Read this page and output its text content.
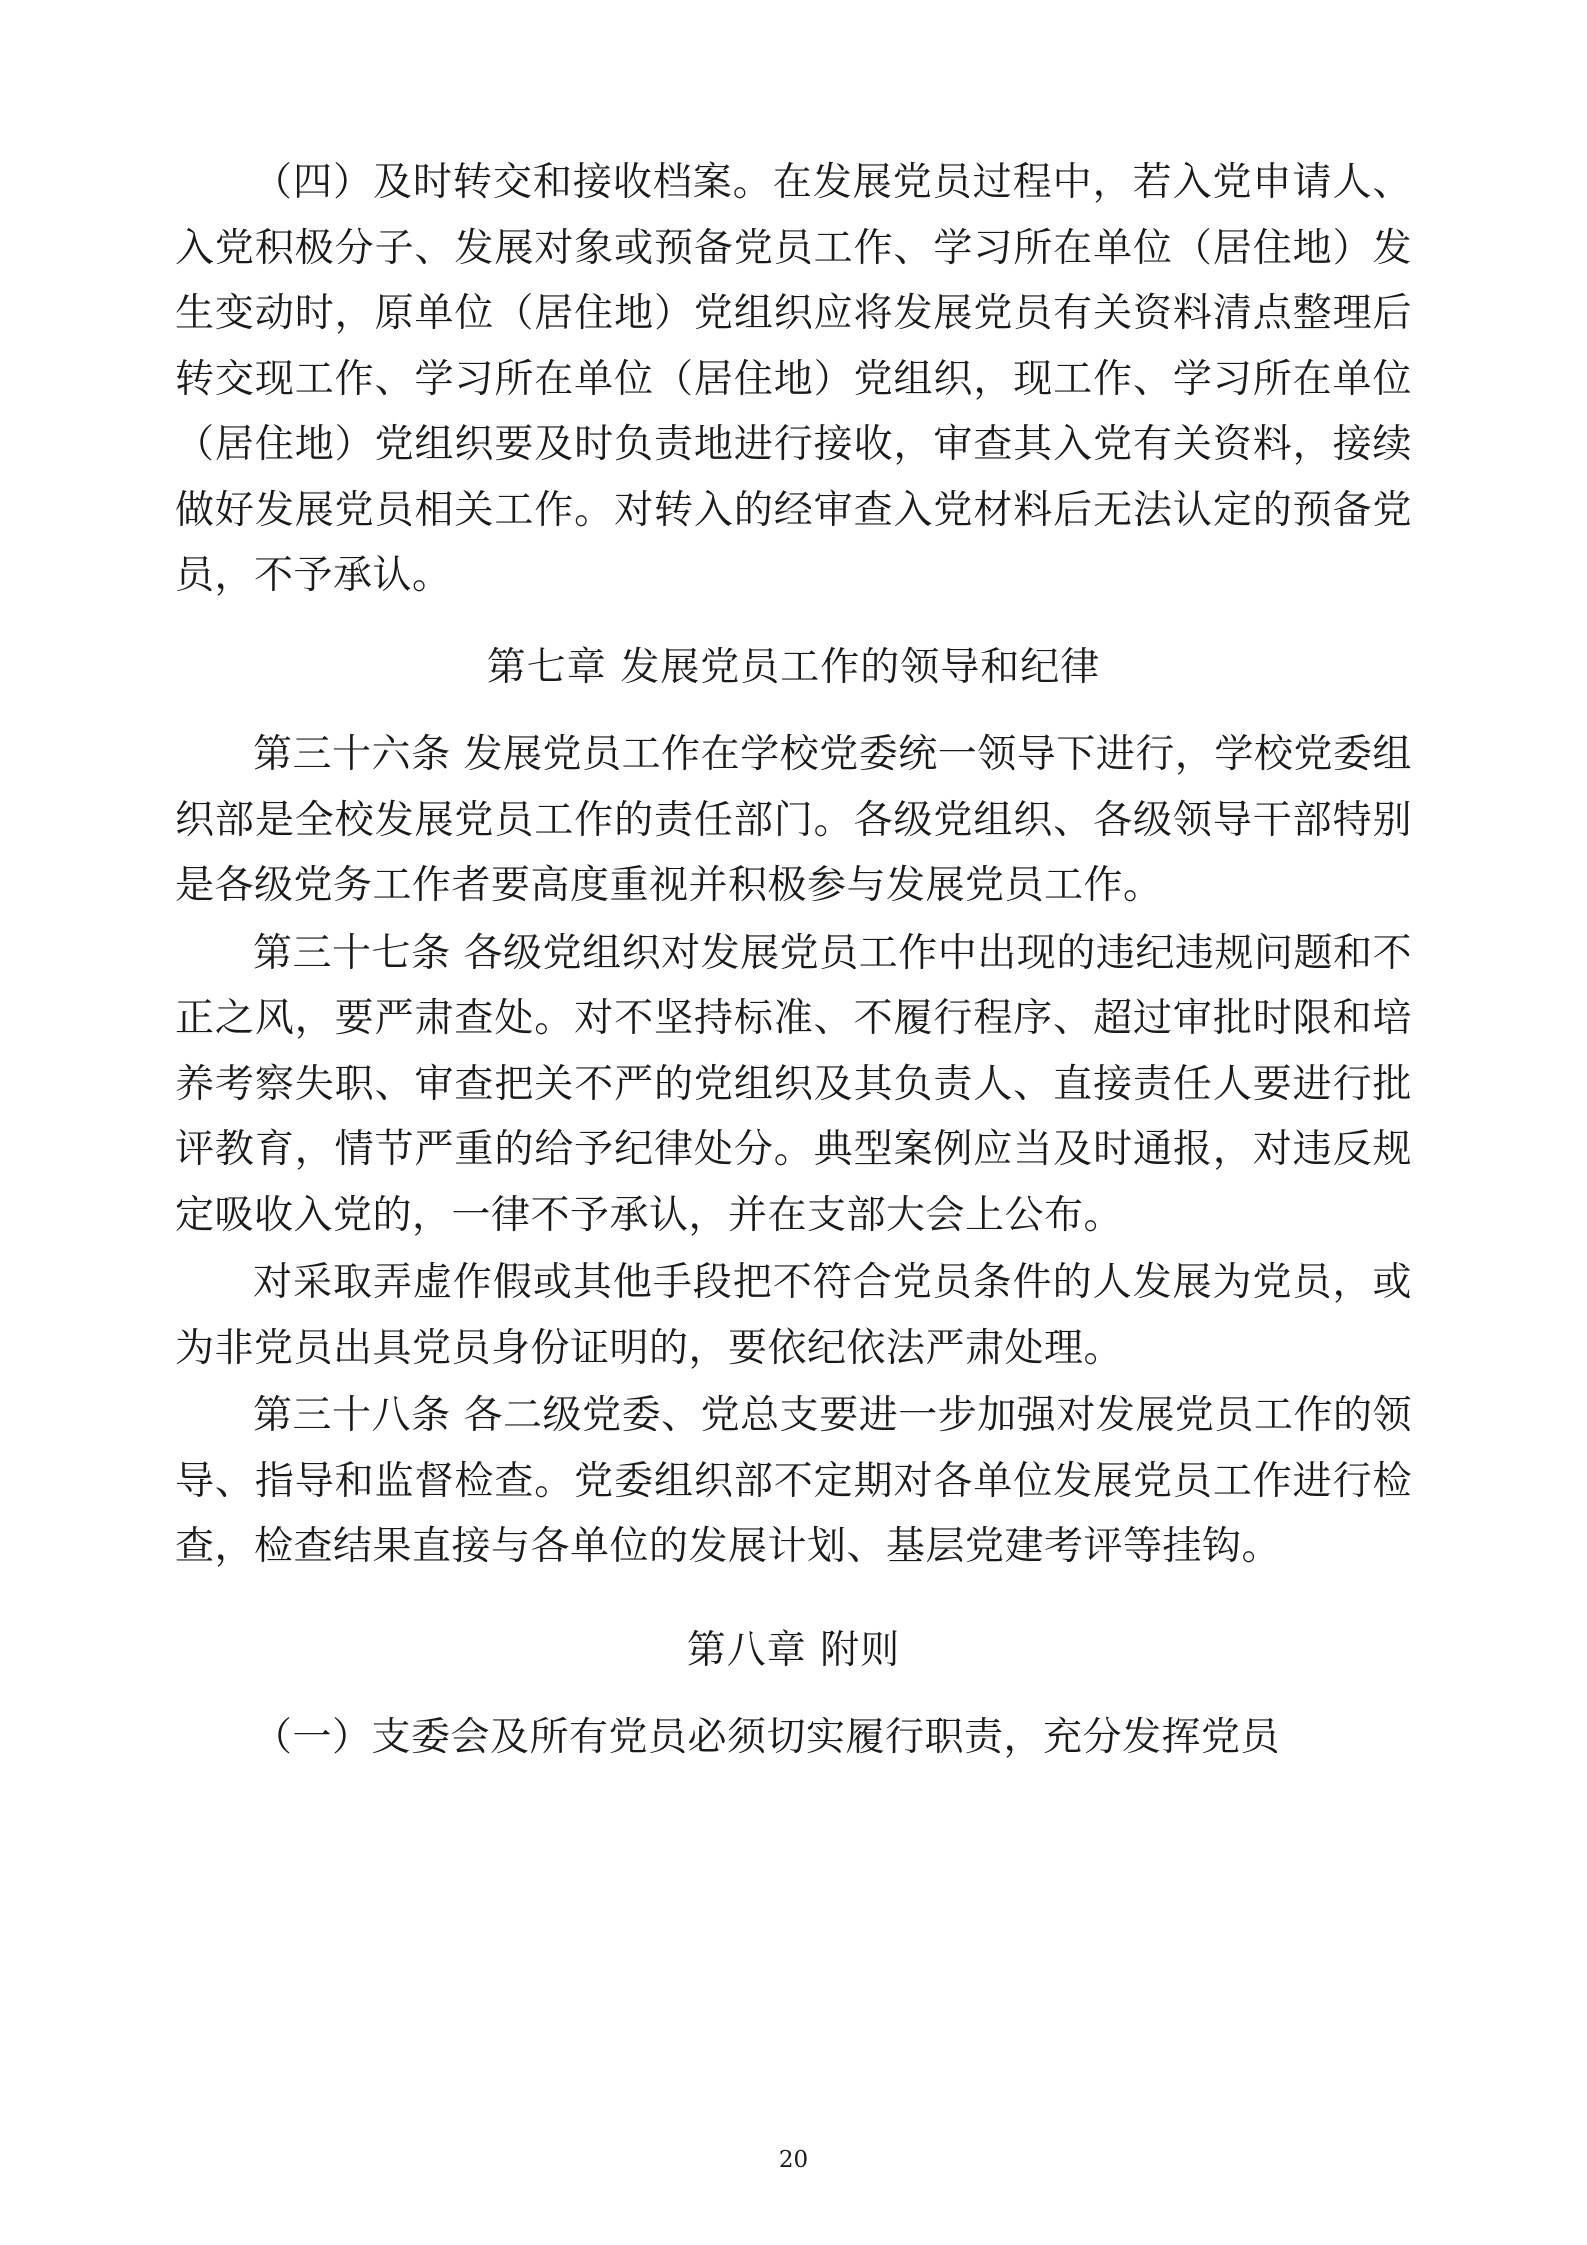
（四）及时转交和接收档案。在发展党员过程中，若入党申请人、入党积极分子、发展对象或预备党员工作、学习所在单位（居住地）发生变动时，原单位（居住地）党组织应将发展党员有关资料清点整理后转交现工作、学习所在单位（居住地）党组织，现工作、学习所在单位（居住地）党组织要及时负责地进行接收，审查其入党有关资料，接续做好发展党员相关工作。对转入的经审查入党材料后无法认定的预备党员，不予承认。

第七章 发展党员工作的领导和纪律

第三十六条 发展党员工作在学校党委统一领导下进行，学校党委组织部是全校发展党员工作的责任部门。各级党组织、各级领导干部特别是各级党务工作者要高度重视并积极参与发展党员工作。

第三十七条 各级党组织对发展党员工作中出现的违纪违规问题和不正之风，要严肃查处。对不坚持标准、不履行程序、超过审批时限和培养考察失职、审查把关不严的党组织及其负责人、直接责任人要进行批评教育，情节严重的给予纪律处分。典型案例应当及时通报，对违反规定吸收入党的，一律不予承认，并在支部大会上公布。

对采取弄虚作假或其他手段把不符合党员条件的人发展为党员，或为非党员出具党员身份证明的，要依纪依法严肃处理。

第三十八条 各二级党委、党总支要进一步加强对发展党员工作的领导、指导和监督检查。党委组织部不定期对各单位发展党员工作进行检查，检查结果直接与各单位的发展计划、基层党建考评等挂钩。

第八章 附则

（一）支委会及所有党员必须切实履行职责，充分发挥党员

20
